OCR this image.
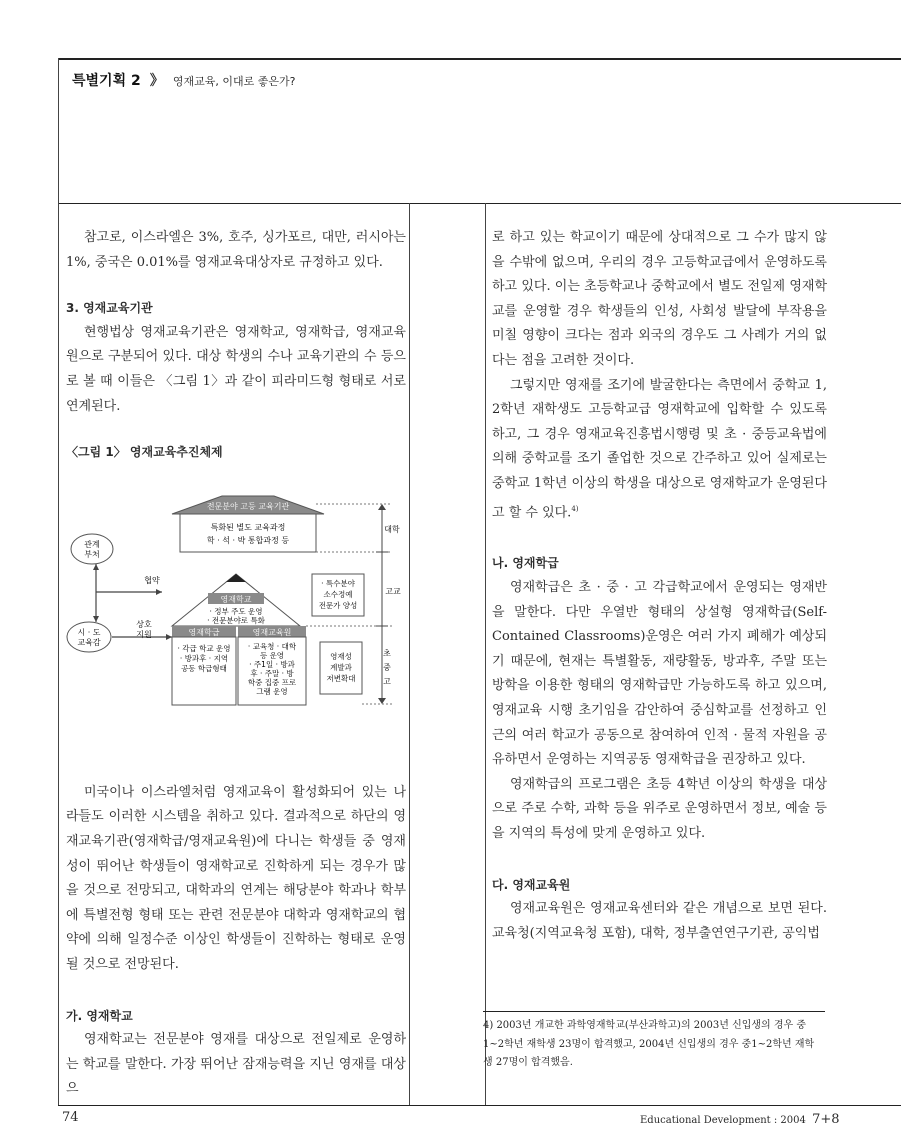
특별기획 2 》 영재교육, 이대로 좋은가?

참고로, 이스라엘은 3%, 호주, 싱가포르, 대만, 러시아는 1%, 중국은 0.01%를 영재교육대상자로 규정하고 있다.

3. 영재교육기관

현행법상 영재교육기관은 영재학교, 영재학급, 영재교육원으로 구분되어 있다. 대상 학생의 수나 교육기관의 수 등으로 볼 때 이들은 〈그림 1〉과 같이 피라미드형 형태로 서로 연계된다.

〈그림 1〉 영재교육추진체제

미국이나 이스라엘처럼 영재교육이 활성화되어 있는 나라들도 이러한 시스템을 취하고 있다. 결과적으로 하단의 영재교육기관(영재학급/영재교육원)에 다니는 학생들 중 영재성이 뛰어난 학생들이 영재학교로 진학하게 되는 경우가 많을 것으로 전망되고, 대학과의 연계는 해당분야 학과나 학부에 특별전형 형태 또는 관련 전문분야 대학과 영재학교의 협약에 의해 일정수준 이상인 학생들이 진학하는 형태로 운영될 것으로 전망된다.

가. 영재학교

영재학교는 전문분야 영재를 대상으로 전일제로 운영하는 학교를 말한다. 가장 뛰어난 잠재능력을 지닌 영재를 대상으

전문분야 고등 교육기관
특화된 별도 교육과정
학 · 석 · 박 통합과정 등
대학
고교
초
중
고
관계
부처
시 · 도
교육감
협약
상호
지원
영재학교
· 정부 주도 운영
· 전문분야로 특화
· 특수분야
소수정예
전문가 양성
영재학급	영재교육원
· 각급 학교 운영
· 방과후 · 지역
공동 학급형태
· 교육청 · 대학
등 운영
· 주1일 · 방과
후 · 주말 · 방
학중 집중 프로
그램 운영
영재성
계발과
저변확대

로 하고 있는 학교이기 때문에 상대적으로 그 수가 많지 않을 수밖에 없으며, 우리의 경우 고등학교급에서 운영하도록 하고 있다. 이는 초등학교나 중학교에서 별도 전일제 영재학교를 운영할 경우 학생들의 인성, 사회성 발달에 부작용을 미칠 영향이 크다는 점과 외국의 경우도 그 사례가 거의 없다는 점을 고려한 것이다.

그렇지만 영재를 조기에 발굴한다는 측면에서 중학교 1, 2학년 재학생도 고등학교급 영재학교에 입학할 수 있도록 하고, 그 경우 영재교육진흥법시행령 및 초 · 중등교육법에 의해 중학교를 조기 졸업한 것으로 간주하고 있어 실제로는 중학교 1학년 이상의 학생을 대상으로 영재학교가 운영된다고 할 수 있다.$^{4)}$

나. 영재학급

영재학급은 초 · 중 · 고 각급학교에서 운영되는 영재반을 말한다. 다만 우열반 형태의 상설형 영재학급(Self-Contained Classrooms)운영은 여러 가지 폐해가 예상되기 때문에, 현재는 특별활동, 재량활동, 방과후, 주말 또는 방학을 이용한 형태의 영재학급만 가능하도록 하고 있으며, 영재교육 시행 초기임을 감안하여 중심학교를 선정하고 인근의 여러 학교가 공동으로 참여하여 인적 · 물적 자원을 공유하면서 운영하는 지역공동 영재학급을 권장하고 있다.

영재학급의 프로그램은 초등 4학년 이상의 학생을 대상으로 주로 수학, 과학 등을 위주로 운영하면서 정보, 예술 등을 지역의 특성에 맞게 운영하고 있다.

다. 영재교육원

영재교육원은 영재교육센터와 같은 개념으로 보면 된다. 교육청(지역교육청 포함), 대학, 정부출연연구기관, 공익법

4) 2003년 개교한 과학영재학교(부산과학고)의 2003년 신입생의 경우 중1~2학년 재학생 23명이 합격했고, 2004년 신입생의 경우 중1~2학년 재학생 27명이 합격했음.
74	Educational Development : 2004 7+8
